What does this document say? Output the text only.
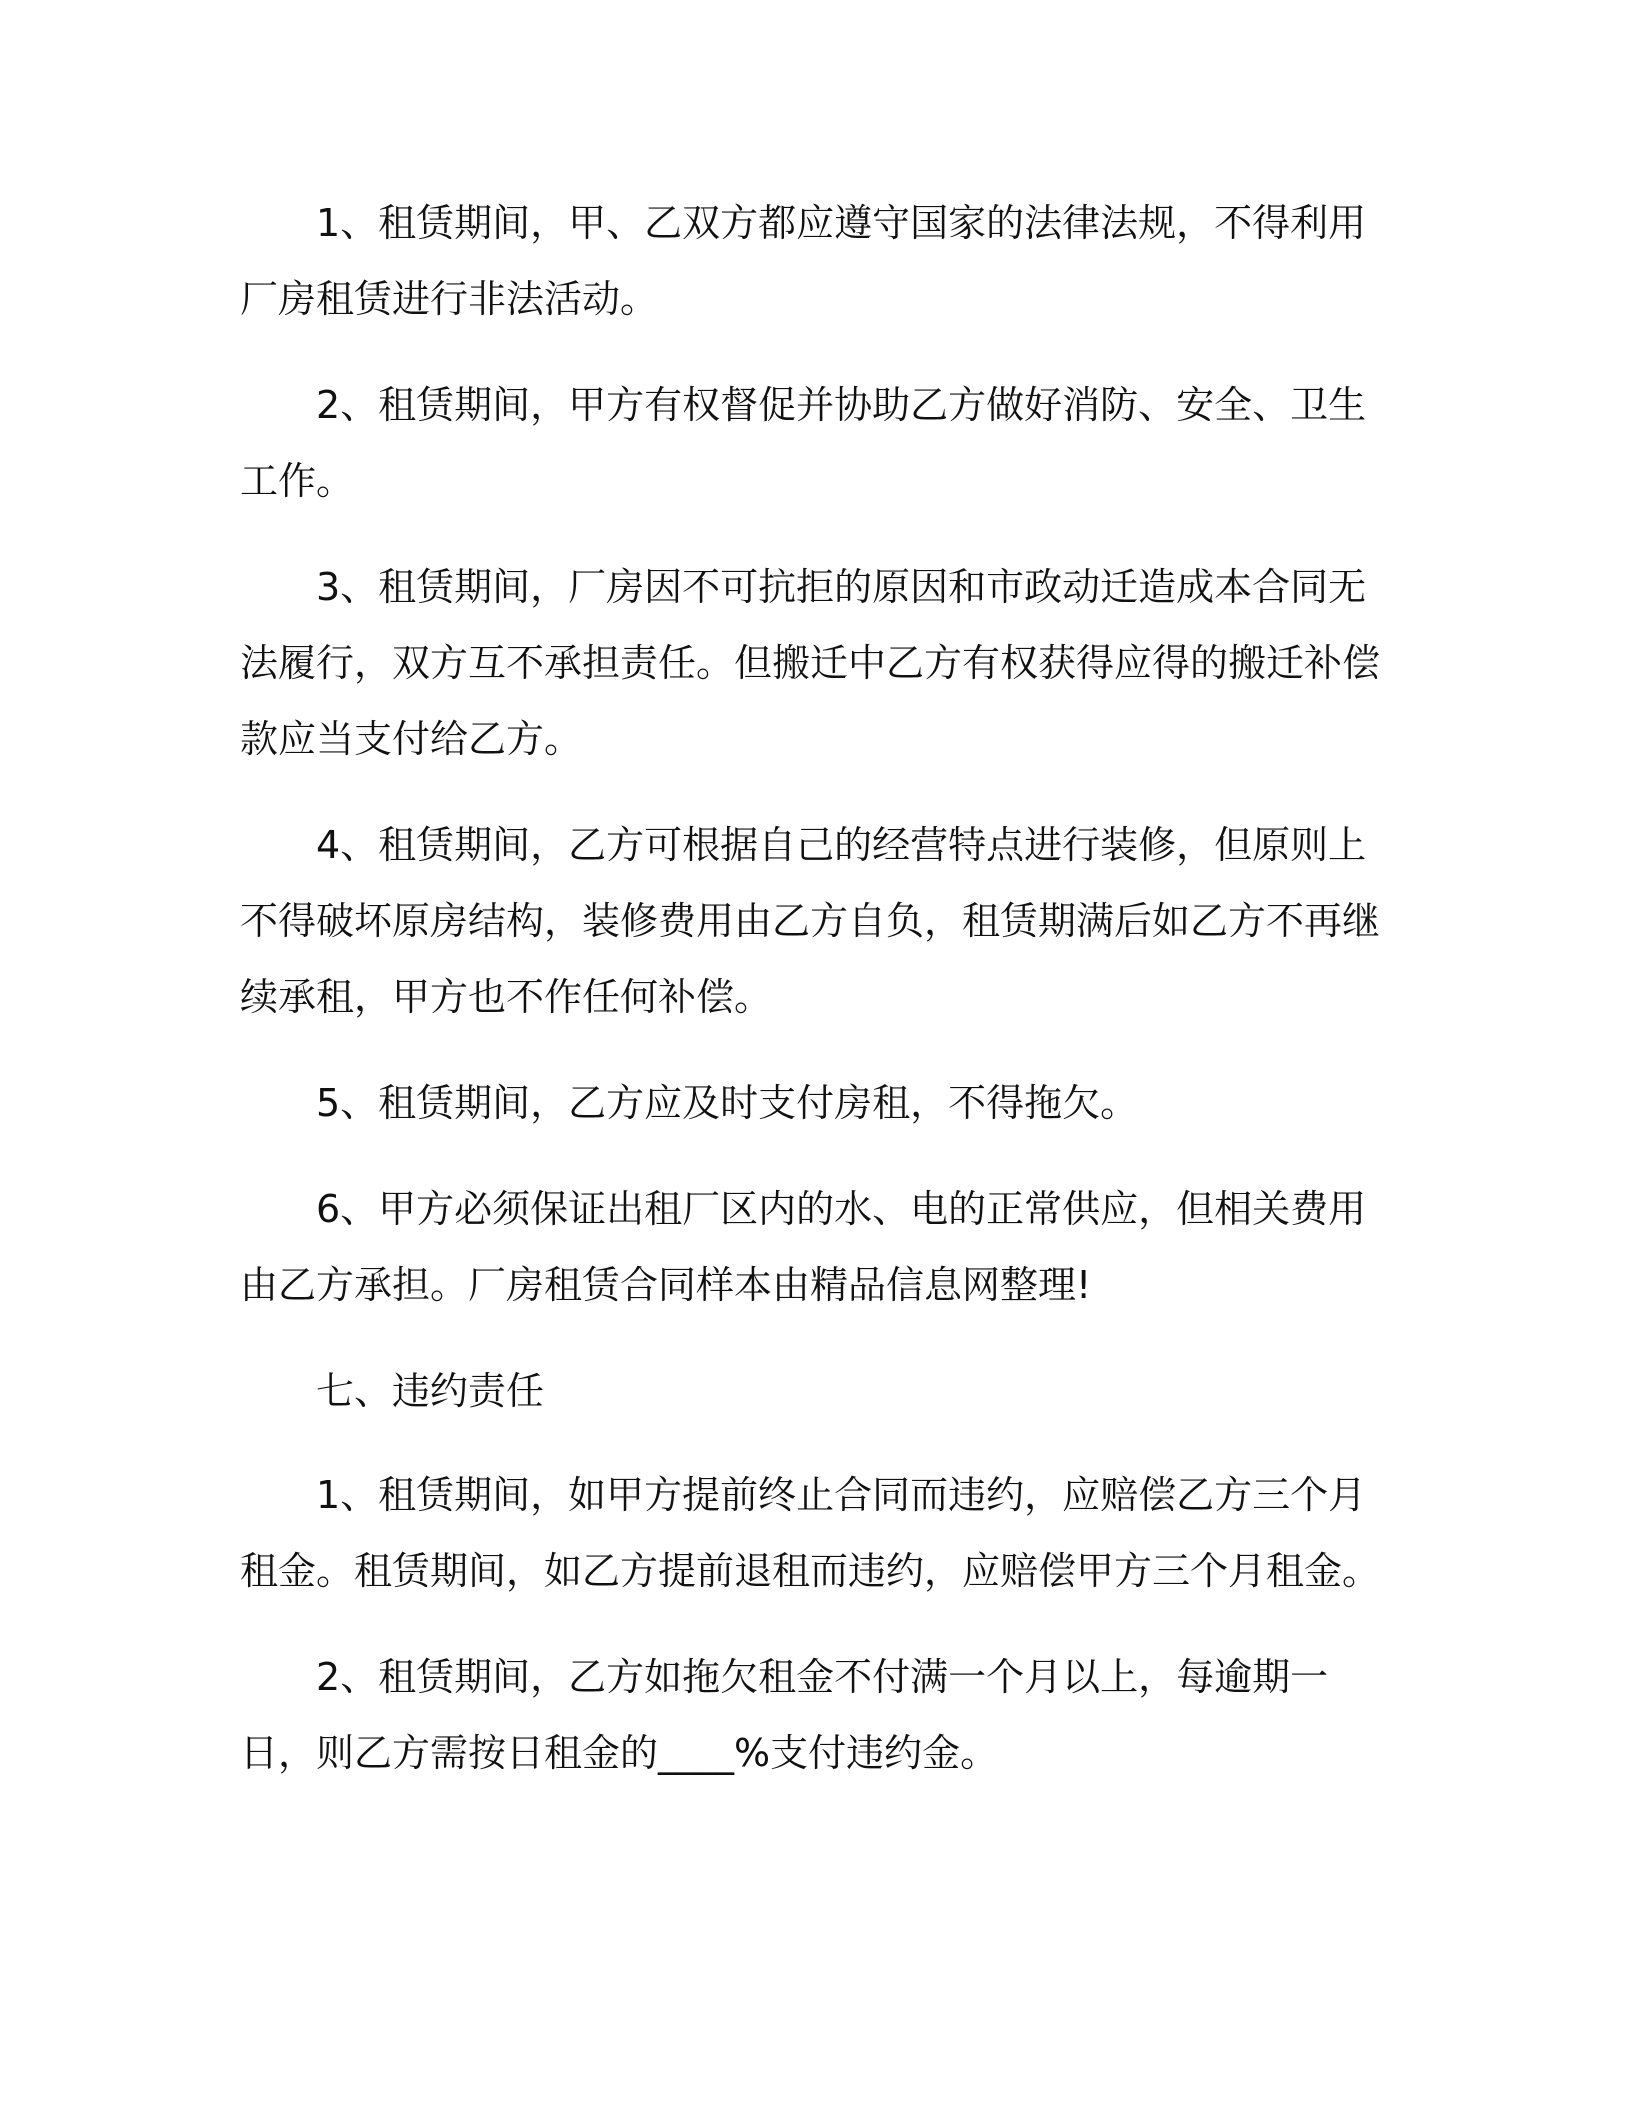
1、租赁期间，甲、乙双方都应遵守国家的法律法规，不得利用厂房租赁进行非法活动。

2、租赁期间，甲方有权督促并协助乙方做好消防、安全、卫生工作。

3、租赁期间，厂房因不可抗拒的原因和市政动迁造成本合同无法履行，双方互不承担责任。但搬迁中乙方有权获得应得的搬迁补偿款应当支付给乙方。

4、租赁期间，乙方可根据自己的经营特点进行装修，但原则上不得破坏原房结构，装修费用由乙方自负，租赁期满后如乙方不再继续承租，甲方也不作任何补偿。

5、租赁期间，乙方应及时支付房租，不得拖欠。

6、甲方必须保证出租厂区内的水、电的正常供应，但相关费用由乙方承担。厂房租赁合同样本由精品信息网整理!

七、违约责任

1、租赁期间，如甲方提前终止合同而违约，应赔偿乙方三个月租金。租赁期间，如乙方提前退租而违约，应赔偿甲方三个月租金。

2、租赁期间，乙方如拖欠租金不付满一个月以上，每逾期一日，则乙方需按日租金的____%支付违约金。
